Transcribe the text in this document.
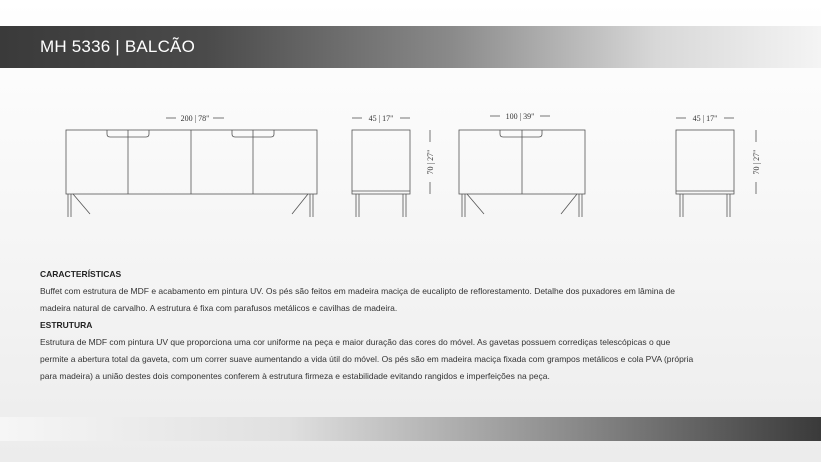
MH 5336 | BALCÃO
200 | 78"	45 | 17"
70 | 27"
100 | 39"	45 | 17"
70 | 27"

CARACTERÍSTICAS

Buffet com estrutura de MDF e acabamento em pintura UV. Os pés são feitos em madeira maciça de eucalipto de reflorestamento. Detalhe dos puxadores em lâmina de

madeira natural de carvalho. A estrutura é fixa com parafusos metálicos e cavilhas de madeira.

ESTRUTURA

Estrutura de MDF com pintura UV que proporciona uma cor uniforme na peça e maior duração das cores do móvel. As gavetas possuem corrediças telescópicas o que

permite a abertura total da gaveta, com um correr suave aumentando a vida útil do móvel. Os pés são em madeira maciça fixada com grampos metálicos e cola PVA (própria

para madeira) a união destes dois componentes conferem à estrutura firmeza e estabilidade evitando rangidos e imperfeições na peça.
